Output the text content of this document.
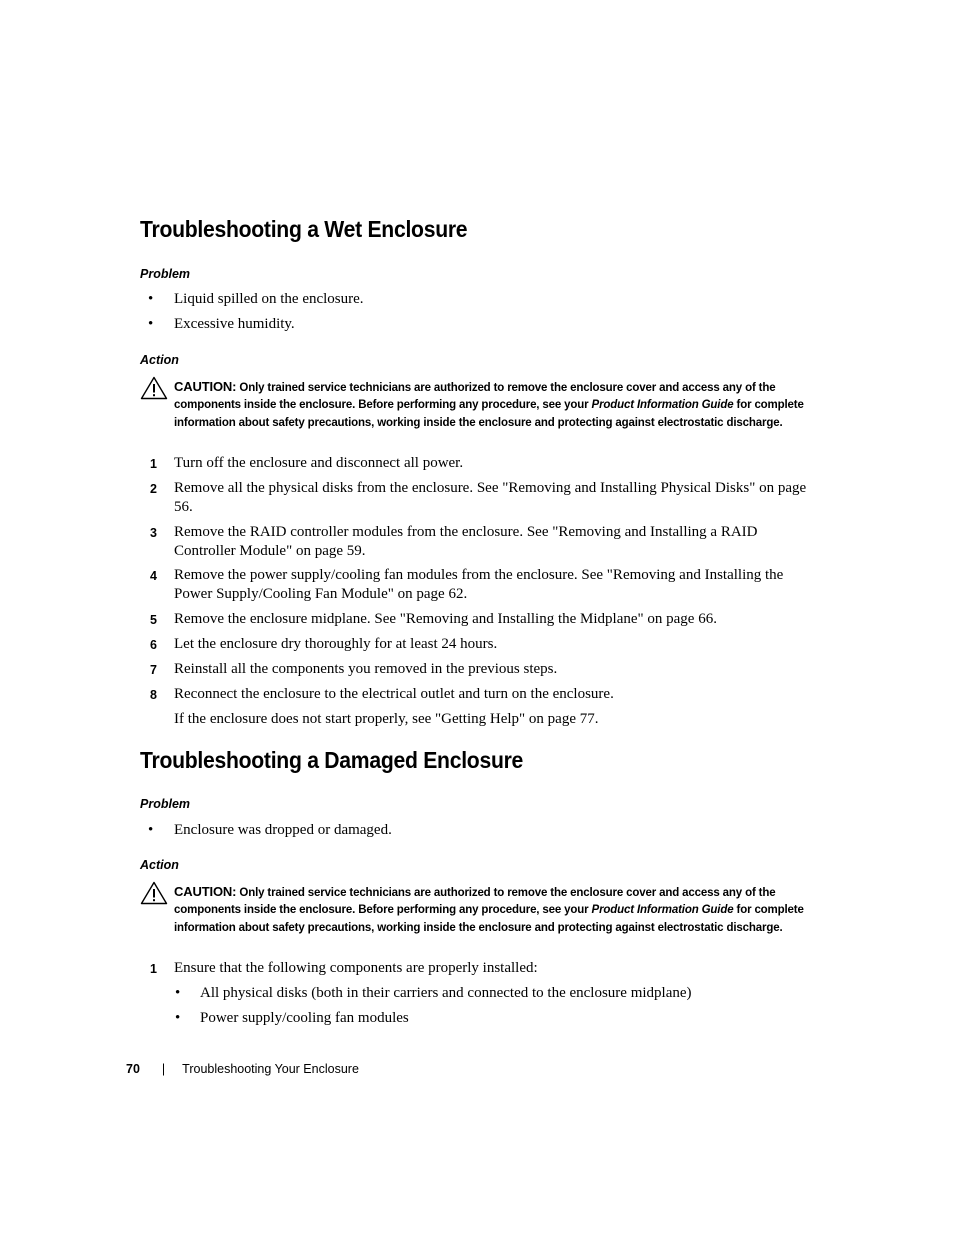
Troubleshooting a Wet Enclosure
Problem
• Liquid spilled on the enclosure.
• Excessive humidity.
Action
CAUTION: Only trained service technicians are authorized to remove the enclosure cover and access any of the components inside the enclosure. Before performing any procedure, see your Product Information Guide for complete information about safety precautions, working inside the enclosure and protecting against electrostatic discharge.
1 Turn off the enclosure and disconnect all power.
2 Remove all the physical disks from the enclosure. See "Removing and Installing Physical Disks" on page 56.
3 Remove the RAID controller modules from the enclosure. See "Removing and Installing a RAID Controller Module" on page 59.
4 Remove the power supply/cooling fan modules from the enclosure. See "Removing and Installing the Power Supply/Cooling Fan Module" on page 62.
5 Remove the enclosure midplane. See "Removing and Installing the Midplane" on page 66.
6 Let the enclosure dry thoroughly for at least 24 hours.
7 Reinstall all the components you removed in the previous steps.
8 Reconnect the enclosure to the electrical outlet and turn on the enclosure.
If the enclosure does not start properly, see "Getting Help" on page 77.
Troubleshooting a Damaged Enclosure
Problem
• Enclosure was dropped or damaged.
Action
CAUTION: Only trained service technicians are authorized to remove the enclosure cover and access any of the components inside the enclosure. Before performing any procedure, see your Product Information Guide for complete information about safety precautions, working inside the enclosure and protecting against electrostatic discharge.
1 Ensure that the following components are properly installed:
• All physical disks (both in their carriers and connected to the enclosure midplane)
• Power supply/cooling fan modules
70 | Troubleshooting Your Enclosure
